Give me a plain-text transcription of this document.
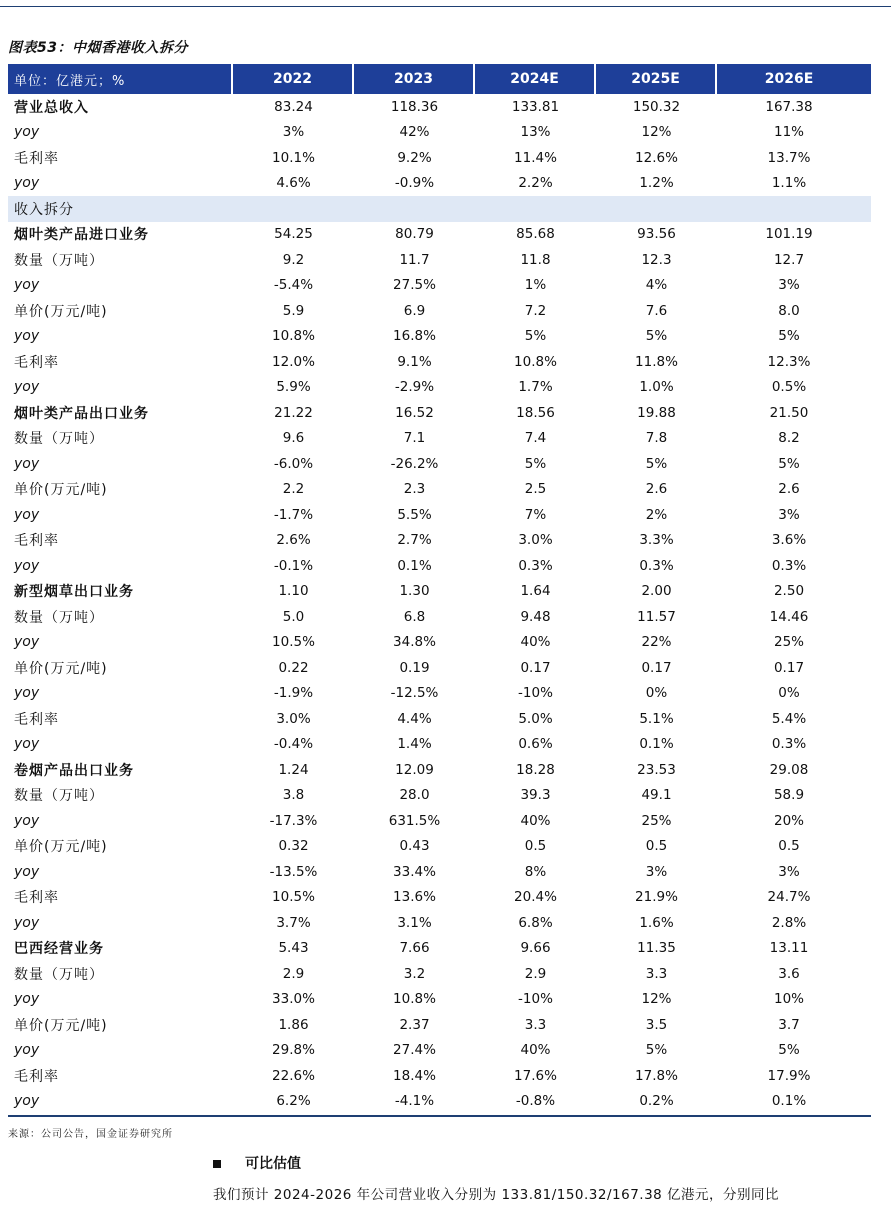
图表53：中烟香港收入拆分
单位：亿港元；%	2022	2023	2024E	2025E	2026E
营业总收入	83.24	118.36	133.81	150.32	167.38
yoy	3%	42%	13%	12%	11%
毛利率	10.1%	9.2%	11.4%	12.6%	13.7%
yoy	4.6%	-0.9%	2.2%	1.2%	1.1%
收入拆分
烟叶类产品进口业务	54.25	80.79	85.68	93.56	101.19
数量（万吨）	9.2	11.7	11.8	12.3	12.7
yoy	-5.4%	27.5%	1%	4%	3%
单价(万元/吨)	5.9	6.9	7.2	7.6	8.0
yoy	10.8%	16.8%	5%	5%	5%
毛利率	12.0%	9.1%	10.8%	11.8%	12.3%
yoy	5.9%	-2.9%	1.7%	1.0%	0.5%
烟叶类产品出口业务	21.22	16.52	18.56	19.88	21.50
数量（万吨）	9.6	7.1	7.4	7.8	8.2
yoy	-6.0%	-26.2%	5%	5%	5%
单价(万元/吨)	2.2	2.3	2.5	2.6	2.6
yoy	-1.7%	5.5%	7%	2%	3%
毛利率	2.6%	2.7%	3.0%	3.3%	3.6%
yoy	-0.1%	0.1%	0.3%	0.3%	0.3%
新型烟草出口业务	1.10	1.30	1.64	2.00	2.50
数量（万吨）	5.0	6.8	9.48	11.57	14.46
yoy	10.5%	34.8%	40%	22%	25%
单价(万元/吨)	0.22	0.19	0.17	0.17	0.17
yoy	-1.9%	-12.5%	-10%	0%	0%
毛利率	3.0%	4.4%	5.0%	5.1%	5.4%
yoy	-0.4%	1.4%	0.6%	0.1%	0.3%
卷烟产品出口业务	1.24	12.09	18.28	23.53	29.08
数量（万吨）	3.8	28.0	39.3	49.1	58.9
yoy	-17.3%	631.5%	40%	25%	20%
单价(万元/吨)	0.32	0.43	0.5	0.5	0.5
yoy	-13.5%	33.4%	8%	3%	3%
毛利率	10.5%	13.6%	20.4%	21.9%	24.7%
yoy	3.7%	3.1%	6.8%	1.6%	2.8%
巴西经营业务	5.43	7.66	9.66	11.35	13.11
数量（万吨）	2.9	3.2	2.9	3.3	3.6
yoy	33.0%	10.8%	-10%	12%	10%
单价(万元/吨)	1.86	2.37	3.3	3.5	3.7
yoy	29.8%	27.4%	40%	5%	5%
毛利率	22.6%	18.4%	17.6%	17.8%	17.9%
yoy	6.2%	-4.1%	-0.8%	0.2%	0.1%
来源：公司公告，国金证券研究所
可比估值
我们预计 2024-2026 年公司营业收入分别为 133.81/150.32/167.38 亿港元，分别同比
